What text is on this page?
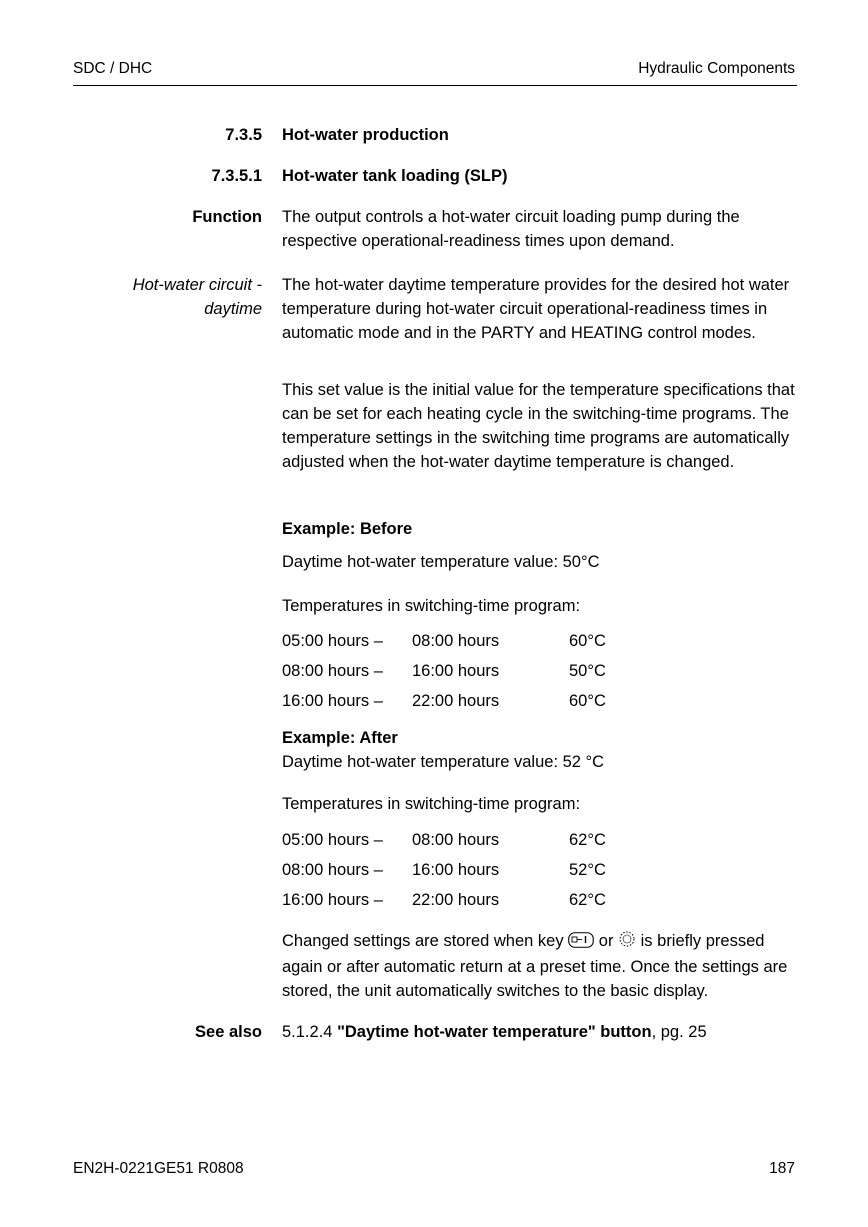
SDC / DHC	Hydraulic Components
7.3.5 Hot-water production
7.3.5.1 Hot-water tank loading (SLP)
Function The output controls a hot-water circuit loading pump during the respective operational-readiness times upon demand.
Hot-water circuit -
daytime
The hot-water daytime temperature provides for the desired hot water temperature during hot-water circuit operational-readiness times in automatic mode and in the PARTY and HEATING control modes.
This set value is the initial value for the temperature specifications that can be set for each heating cycle in the switching-time programs. The temperature settings in the switching time programs are automatically adjusted when the hot-water daytime temperature is changed.
Example: Before
Daytime hot-water temperature value: 50°C
Temperatures in switching-time program:
05:00 hours – 08:00 hours	60°C
08:00 hours – 16:00 hours	50°C
16:00 hours – 22:00 hours	60°C
Example: After
Daytime hot-water temperature value: 52 °C
Temperatures in switching-time program:
05:00 hours – 08:00 hours	62°C
08:00 hours – 16:00 hours	52°C
16:00 hours – 22:00 hours	62°C
Changed settings are stored when key or is briefly pressed again or after automatic return at a preset time. Once the settings are stored, the unit automatically switches to the basic display.
See also 5.1.2.4 "Daytime hot-water temperature" button, pg. 25
EN2H-0221GE51 R0808	187
